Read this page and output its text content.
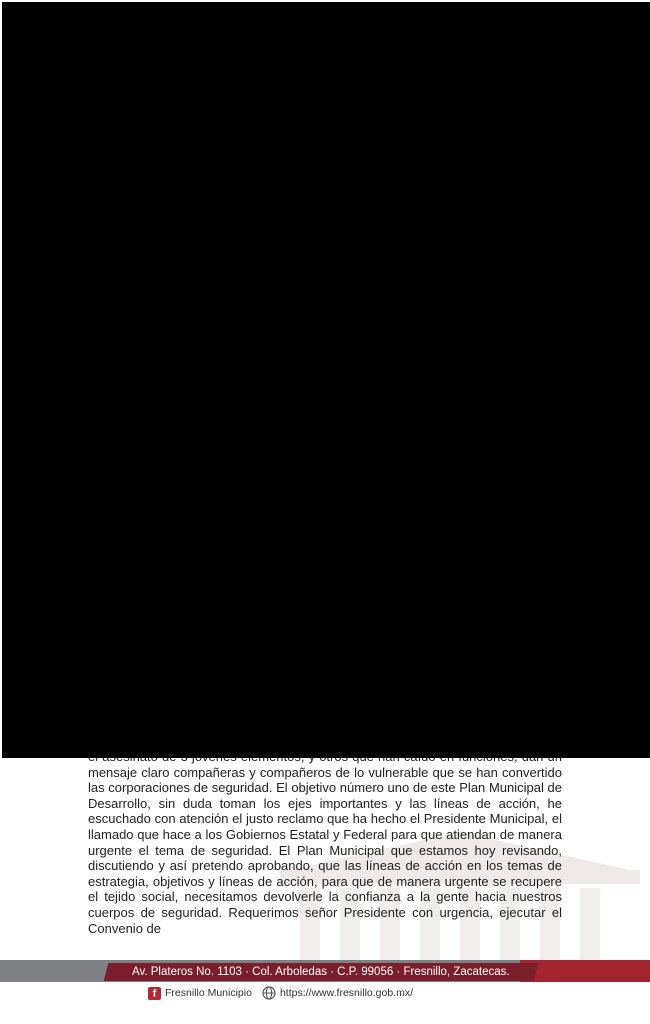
mensaje claro compañeras y compañeros de lo vulnerable que se han convertido las corporaciones de seguridad. El objetivo número uno de este Plan Municipal de Desarrollo, sin duda toman los ejes importantes y las líneas de acción, he escuchado con atención el justo reclamo que ha hecho el Presidente Municipal, el llamado que hace a los Gobiernos Estatal y Federal para que atiendan de manera urgente el tema de seguridad. El Plan Municipal que estamos hoy revisando, discutiendo y así pretendo aprobando, que las líneas de acción en los temas de estrategia, objetivos y líneas de acción, para que de manera urgente se recupere el tejido social, necesitamos devolverle la confianza a la gente hacia nuestros cuerpos de seguridad. Requerimos señor Presidente con urgencia, ejecutar el Convenio de

Av. Plateros No. 1103 · Col. Arboledas · C.P. 99056 · Fresnillo, Zacatecas.
f Fresnillo Municipio	https://www.fresnillo.gob.mx/
